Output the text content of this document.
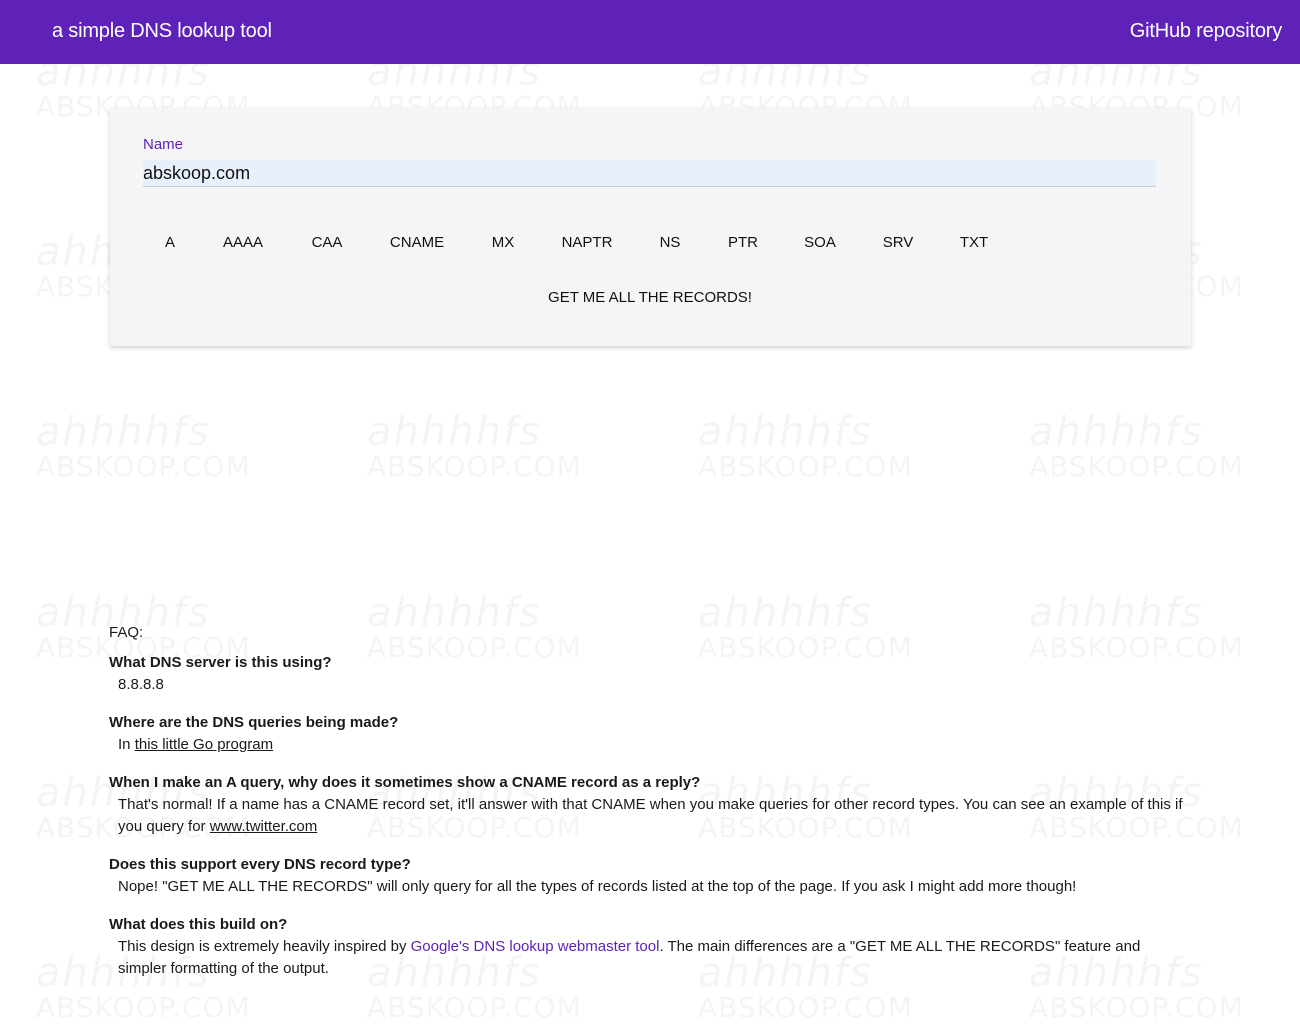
a simple DNS lookup tool	GitHub repository
Name
abskoop.com
A	AAAA	CAA	CNAME	MX	NAPTR	NS	PTR	SOA	SRV	TXT
GET ME ALL THE RECORDS!
FAQ:
What DNS server is this using?
8.8.8.8
Where are the DNS queries being made?
In this little Go program
When I make an A query, why does it sometimes show a CNAME record as a reply?
That's normal! If a name has a CNAME record set, it'll answer with that CNAME when you make queries for other record types. You can see an example of this if you query for www.twitter.com
Does this support every DNS record type?
Nope! "GET ME ALL THE RECORDS" will only query for all the types of records listed at the top of the page. If you ask I might add more though!
What does this build on?
This design is extremely heavily inspired by Google's DNS lookup webmaster tool. The main differences are a "GET ME ALL THE RECORDS" feature and simpler formatting of the output.
